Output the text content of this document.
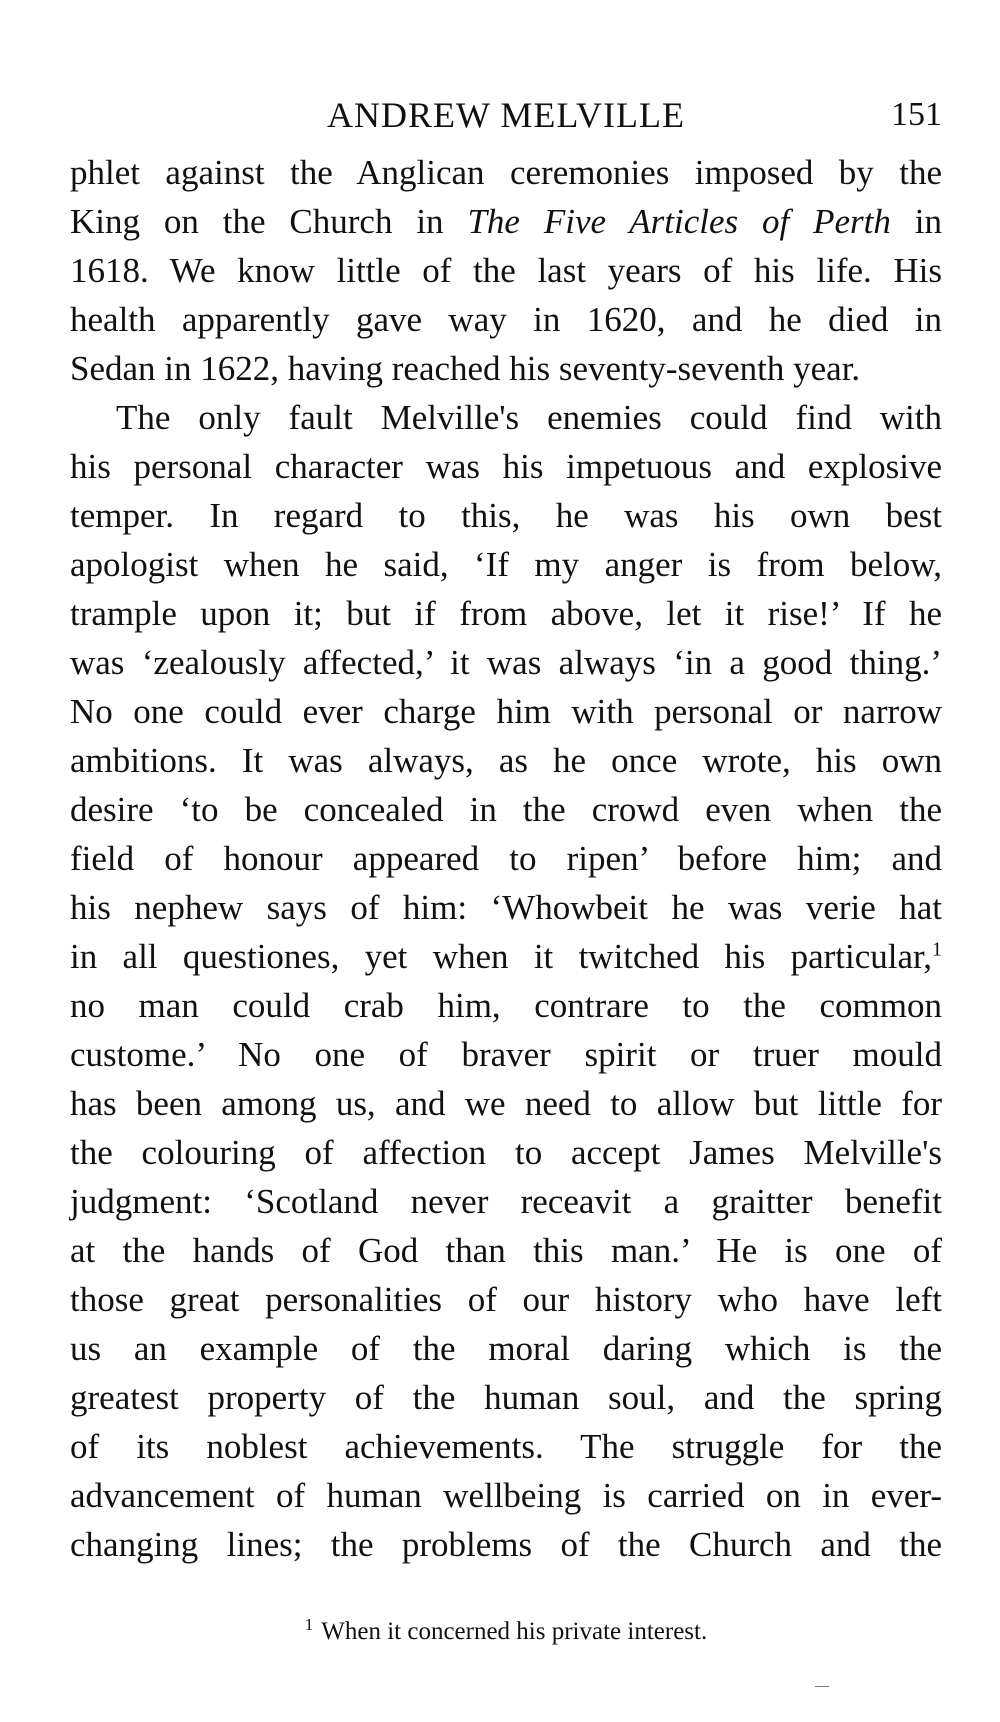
ANDREW MELVILLE	151
phlet against the Anglican ceremonies imposed by the
King on the Church in The Five Articles of Perth in
1618. We know little of the last years of his life. His
health apparently gave way in 1620, and he died in
Sedan in 1622, having reached his seventy-seventh year.
The only fault Melville's enemies could find with
his personal character was his impetuous and explosive
temper. In regard to this, he was his own best
apologist when he said, ‘If my anger is from below,
trample upon it; but if from above, let it rise!’ If he
was ‘zealously affected,’ it was always ‘in a good thing.’
No one could ever charge him with personal or narrow
ambitions. It was always, as he once wrote, his own
desire ‘to be concealed in the crowd even when the
field of honour appeared to ripen’ before him; and
his nephew says of him: ‘Whowbeit he was verie hat
in all questiones, yet when it twitched his particular,$^1$
no man could crab him, contrare to the common
custome.’ No one of braver spirit or truer mould
has been among us, and we need to allow but little for
the colouring of affection to accept James Melville's
judgment: ‘Scotland never receavit a graitter benefit
at the hands of God than this man.’ He is one of
those great personalities of our history who have left
us an example of the moral daring which is the
greatest property of the human soul, and the spring
of its noblest achievements. The struggle for the
advancement of human wellbeing is carried on in ever-
changing lines; the problems of the Church and the
$^1$ When it concerned his private interest.
